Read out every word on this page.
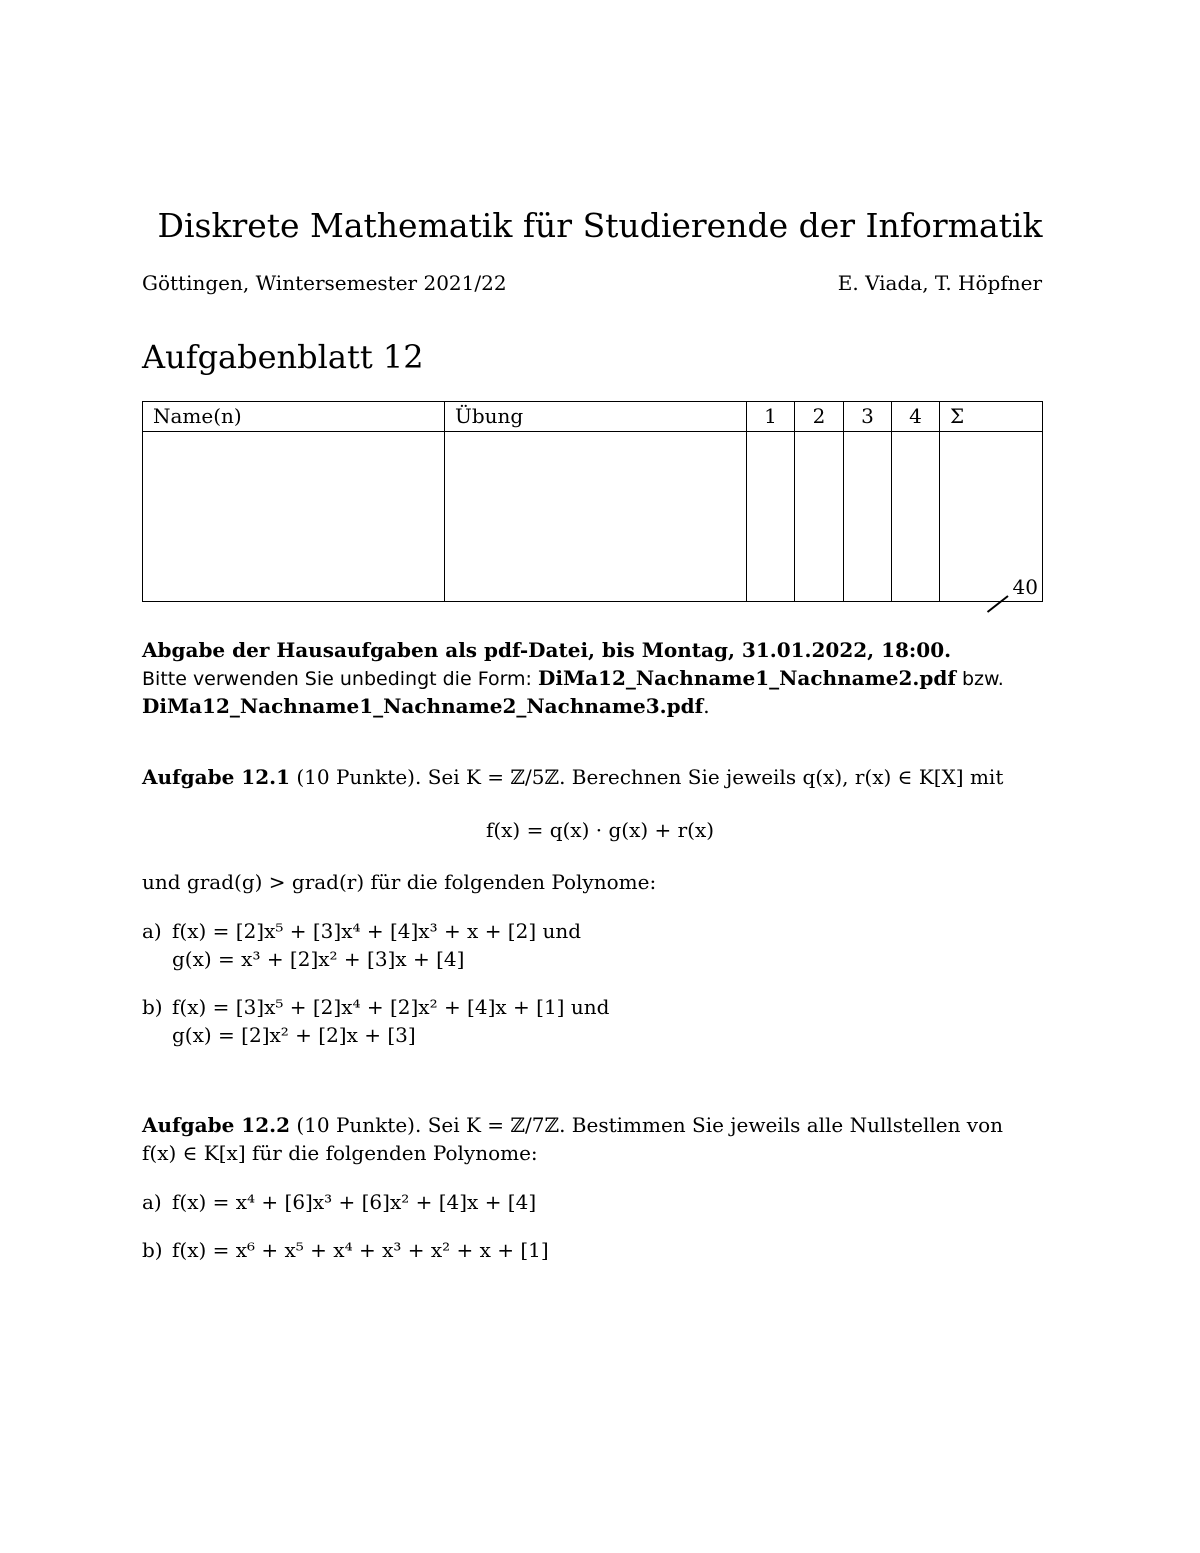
Diskrete Mathematik für Studierende der Informatik
Göttingen, Wintersemester 2021/22	E. Viada, T. Höpfner
Aufgabenblatt 12
Name(n)	Übung	1	2	3	4	Σ

						40
Abgabe der Hausaufgaben als pdf-Datei, bis Montag, 31.01.2022, 18:00.
Bitte verwenden Sie unbedingt die Form: DiMa12_Nachname1_Nachname2.pdf bzw.
DiMa12_Nachname1_Nachname2_Nachname3.pdf.
Aufgabe 12.1 (10 Punkte). Sei K = ℤ/5ℤ. Berechnen Sie jeweils q(x), r(x) ∈ K[X] mit
f(x) = q(x) · g(x) + r(x)
und grad(g) > grad(r) für die folgenden Polynome:
a) f(x) = [2]x⁵ + [3]x⁴ + [4]x³ + x + [2] und
g(x) = x³ + [2]x² + [3]x + [4]
b) f(x) = [3]x⁵ + [2]x⁴ + [2]x² + [4]x + [1] und
g(x) = [2]x² + [2]x + [3]
Aufgabe 12.2 (10 Punkte). Sei K = ℤ/7ℤ. Bestimmen Sie jeweils alle Nullstellen von
f(x) ∈ K[x] für die folgenden Polynome:
a) f(x) = x⁴ + [6]x³ + [6]x² + [4]x + [4]
b) f(x) = x⁶ + x⁵ + x⁴ + x³ + x² + x + [1]
